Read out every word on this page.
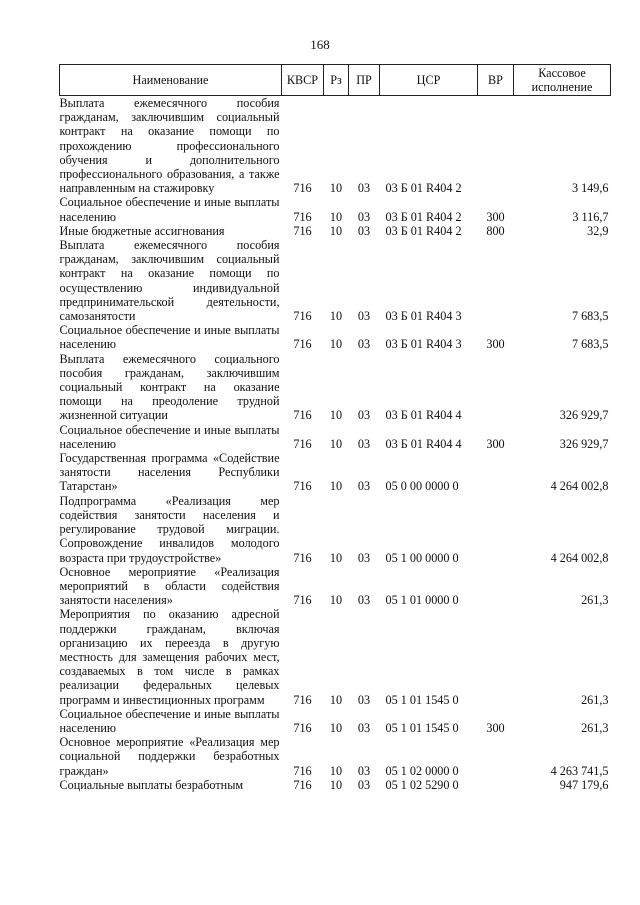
168
Наименование	КВСР	Рз	ПР	ЦСР	ВР	Кассовое исполнение
Выплата ежемесячного пособия гражданам, заключившим социальный контракт на оказание помощи по прохождению профессионального обучения и дополнительного профессионального образования, а также направленным на стажировку	716	10	03	03 Б 01 R404 2		3 149,6
Социальное обеспечение и иные выплаты населению	716	10	03	03 Б 01 R404 2	300	3 116,7
Иные бюджетные ассигнования	716	10	03	03 Б 01 R404 2	800	32,9
Выплата ежемесячного пособия гражданам, заключившим социальный контракт на оказание помощи по осуществлению индивидуальной предпринимательской деятельности, самозанятости	716	10	03	03 Б 01 R404 3		7 683,5
Социальное обеспечение и иные выплаты населению	716	10	03	03 Б 01 R404 3	300	7 683,5
Выплата ежемесячного социального пособия гражданам, заключившим социальный контракт на оказание помощи на преодоление трудной жизненной ситуации	716	10	03	03 Б 01 R404 4		326 929,7
Социальное обеспечение и иные выплаты населению	716	10	03	03 Б 01 R404 4	300	326 929,7
Государственная программа «Содействие занятости населения Республики Татарстан»	716	10	03	05 0 00 0000 0		4 264 002,8
Подпрограмма «Реализация мер содействия занятости населения и регулирование трудовой миграции. Сопровождение инвалидов молодого возраста при трудоустройстве»	716	10	03	05 1 00 0000 0		4 264 002,8
Основное мероприятие «Реализация мероприятий в области содействия занятости населения»	716	10	03	05 1 01 0000 0		261,3
Мероприятия по оказанию адресной поддержки гражданам, включая организацию их переезда в другую местность для замещения рабочих мест, создаваемых в том числе в рамках реализации федеральных целевых программ и инвестиционных программ	716	10	03	05 1 01 1545 0		261,3
Социальное обеспечение и иные выплаты населению	716	10	03	05 1 01 1545 0	300	261,3
Основное мероприятие «Реализация мер социальной поддержки безработных граждан»	716	10	03	05 1 02 0000 0		4 263 741,5
Социальные выплаты безработным	716	10	03	05 1 02 5290 0		947 179,6
